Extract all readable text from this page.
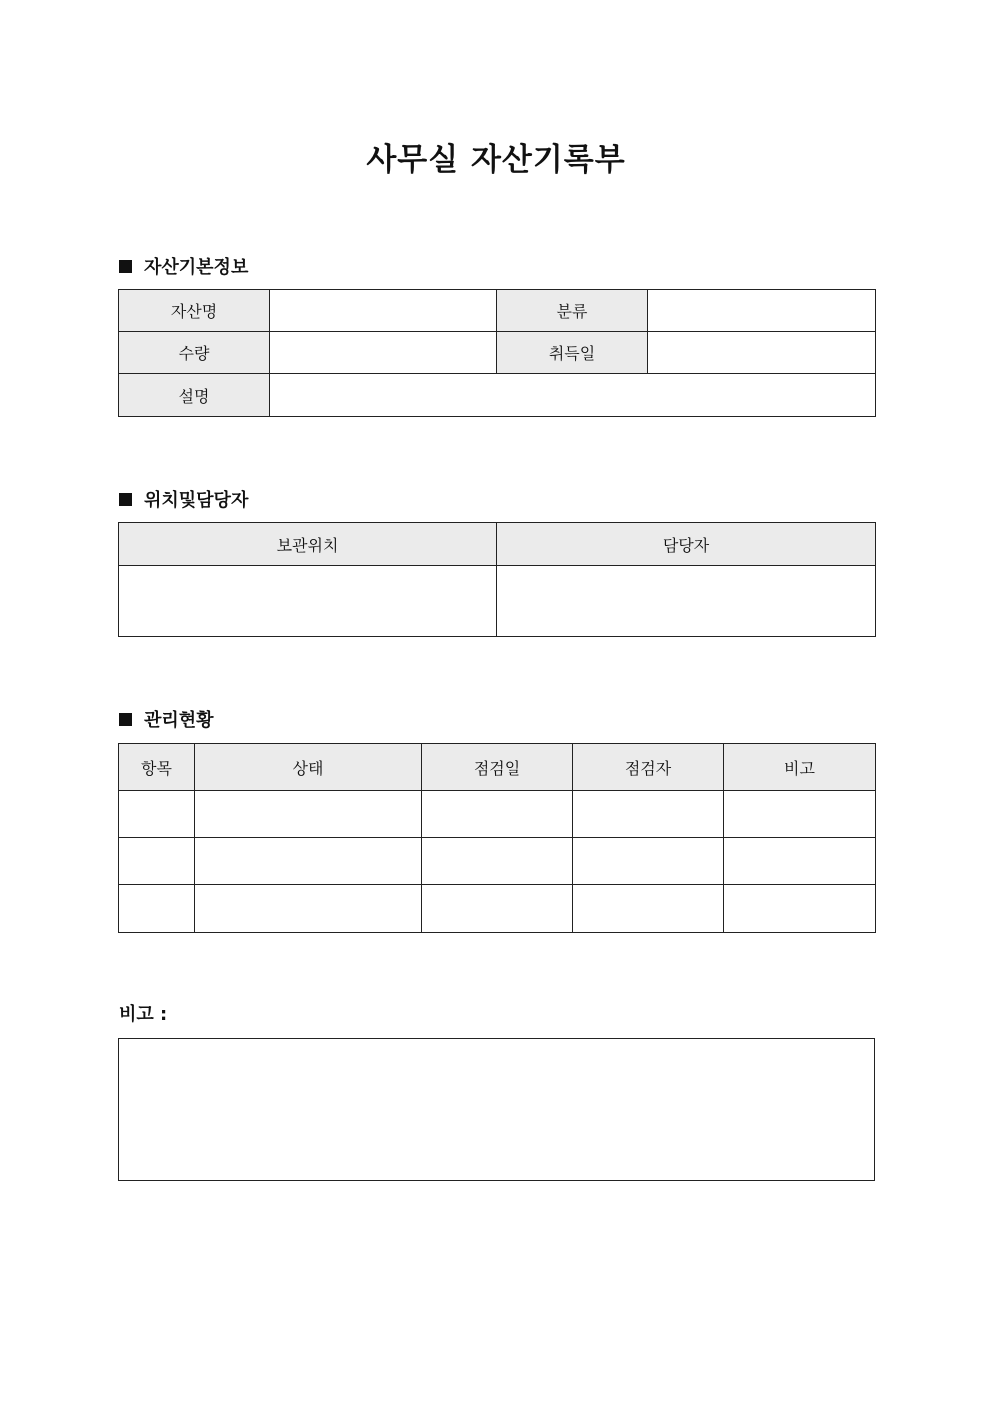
사무실 자산기록부
자산기본정보
자산명		분류	
수량		취득일	
설명			
위치및담당자
보관위치	담당자

관리현황
항목	상태	점검일	점검자	비고

비고 :
